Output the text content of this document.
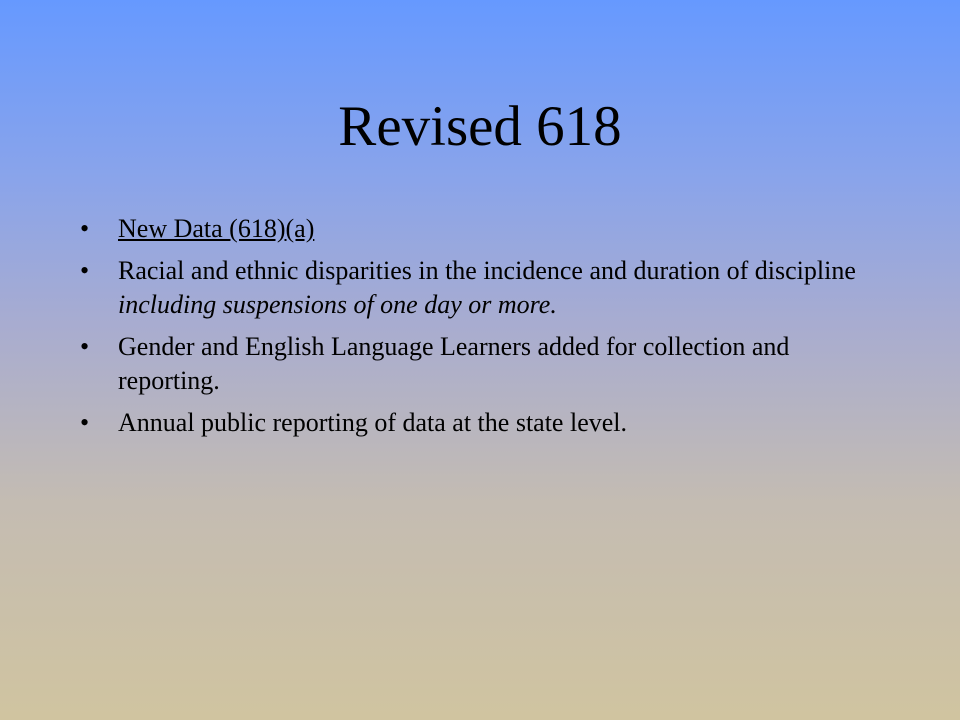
Revised 618
•	New Data (618)(a)
•	Racial and ethnic disparities in the incidence and duration of discipline including suspensions of one day or more.
•	Gender and English Language Learners added for collection and reporting.
•	Annual public reporting of data at the state level.
